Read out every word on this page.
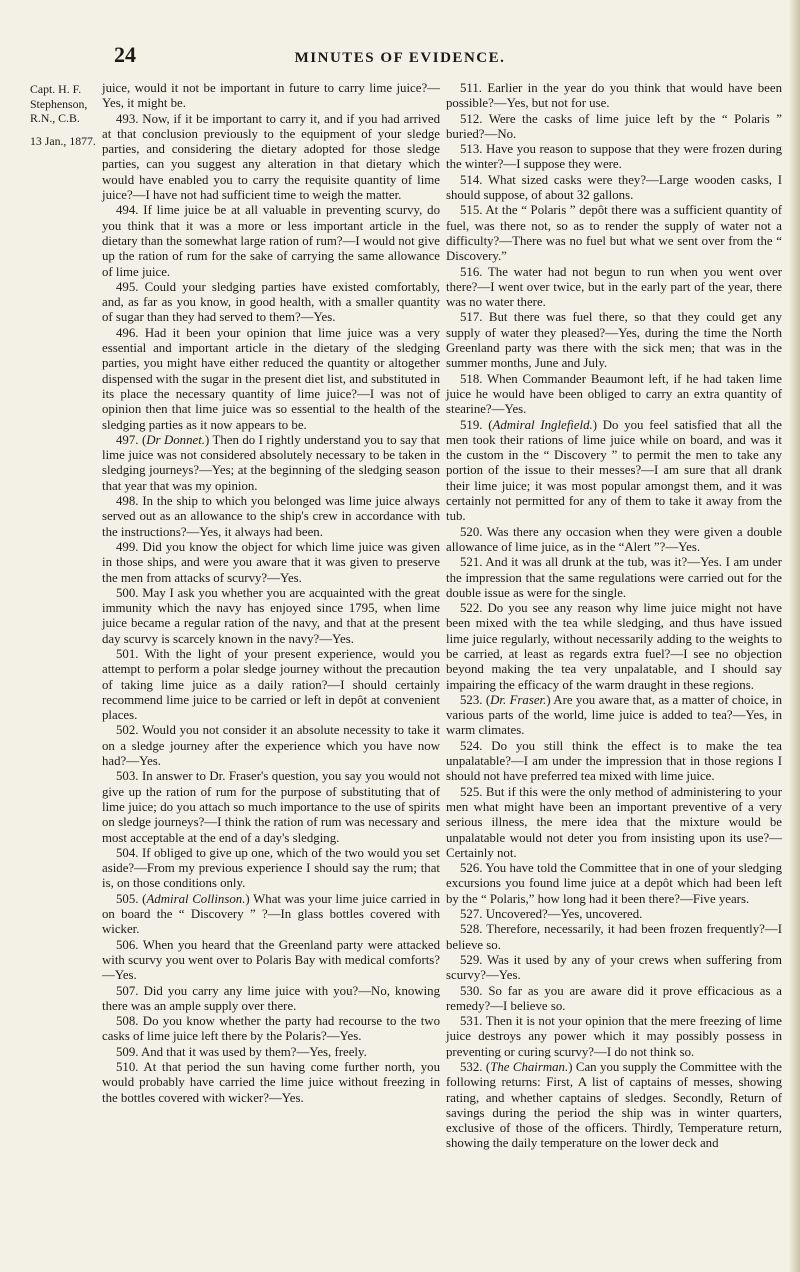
24	MINUTES OF EVIDENCE.
Capt. H. F.
Stephenson,
R.N., C.B.
13 Jan., 1877.

juice, would it not be important in future to carry lime juice?—Yes, it might be.

493. Now, if it be important to carry it, and if you had arrived at that conclusion previously to the equipment of your sledge parties, and considering the dietary adopted for those sledge parties, can you suggest any alteration in that dietary which would have enabled you to carry the requisite quantity of lime juice?—I have not had sufficient time to weigh the matter.

494. If lime juice be at all valuable in preventing scurvy, do you think that it was a more or less important article in the dietary than the somewhat large ration of rum?—I would not give up the ration of rum for the sake of carrying the same allowance of lime juice.

495. Could your sledging parties have existed comfortably, and, as far as you know, in good health, with a smaller quantity of sugar than they had served to them?—Yes.

496. Had it been your opinion that lime juice was a very essential and important article in the dietary of the sledging parties, you might have either reduced the quantity or altogether dispensed with the sugar in the present diet list, and substituted in its place the necessary quantity of lime juice?—I was not of opinion then that lime juice was so essential to the health of the sledging parties as it now appears to be.

497. (Dr Donnet.) Then do I rightly understand you to say that lime juice was not considered absolutely necessary to be taken in sledging journeys?—Yes; at the beginning of the sledging season that year that was my opinion.

498. In the ship to which you belonged was lime juice always served out as an allowance to the ship's crew in accordance with the instructions?—Yes, it always had been.

499. Did you know the object for which lime juice was given in those ships, and were you aware that it was given to preserve the men from attacks of scurvy?—Yes.

500. May I ask you whether you are acquainted with the great immunity which the navy has enjoyed since 1795, when lime juice became a regular ration of the navy, and that at the present day scurvy is scarcely known in the navy?—Yes.

501. With the light of your present experience, would you attempt to perform a polar sledge journey without the precaution of taking lime juice as a daily ration?—I should certainly recommend lime juice to be carried or left in depôt at convenient places.

502. Would you not consider it an absolute necessity to take it on a sledge journey after the experience which you have now had?—Yes.

503. In answer to Dr. Fraser's question, you say you would not give up the ration of rum for the purpose of substituting that of lime juice; do you attach so much importance to the use of spirits on sledge journeys?—I think the ration of rum was necessary and most acceptable at the end of a day's sledging.

504. If obliged to give up one, which of the two would you set aside?—From my previous experience I should say the rum; that is, on those conditions only.

505. (Admiral Collinson.) What was your lime juice carried in on board the “ Discovery ” ?—In glass bottles covered with wicker.

506. When you heard that the Greenland party were attacked with scurvy you went over to Polaris Bay with medical comforts?—Yes.

507. Did you carry any lime juice with you?—No, knowing there was an ample supply over there.

508. Do you know whether the party had recourse to the two casks of lime juice left there by the Polaris?—Yes.

509. And that it was used by them?—Yes, freely.

510. At that period the sun having come further north, you would probably have carried the lime juice without freezing in the bottles covered with wicker?—Yes.

511. Earlier in the year do you think that would have been possible?—Yes, but not for use.

512. Were the casks of lime juice left by the “ Polaris ” buried?—No.

513. Have you reason to suppose that they were frozen during the winter?—I suppose they were.

514. What sized casks were they?—Large wooden casks, I should suppose, of about 32 gallons.

515. At the “ Polaris ” depôt there was a sufficient quantity of fuel, was there not, so as to render the supply of water not a difficulty?—There was no fuel but what we sent over from the “ Discovery.”

516. The water had not begun to run when you went over there?—I went over twice, but in the early part of the year, there was no water there.

517. But there was fuel there, so that they could get any supply of water they pleased?—Yes, during the time the North Greenland party was there with the sick men; that was in the summer months, June and July.

518. When Commander Beaumont left, if he had taken lime juice he would have been obliged to carry an extra quantity of stearine?—Yes.

519. (Admiral Inglefield.) Do you feel satisfied that all the men took their rations of lime juice while on board, and was it the custom in the “ Discovery ” to permit the men to take any portion of the issue to their messes?—I am sure that all drank their lime juice; it was most popular amongst them, and it was certainly not permitted for any of them to take it away from the tub.

520. Was there any occasion when they were given a double allowance of lime juice, as in the “Alert ”?—Yes.

521. And it was all drunk at the tub, was it?—Yes. I am under the impression that the same regulations were carried out for the double issue as were for the single.

522. Do you see any reason why lime juice might not have been mixed with the tea while sledging, and thus have issued lime juice regularly, without necessarily adding to the weights to be carried, at least as regards extra fuel?—I see no objection beyond making the tea very unpalatable, and I should say impairing the efficacy of the warm draught in these regions.

523. (Dr. Fraser.) Are you aware that, as a matter of choice, in various parts of the world, lime juice is added to tea?—Yes, in warm climates.

524. Do you still think the effect is to make the tea unpalatable?—I am under the impression that in those regions I should not have preferred tea mixed with lime juice.

525. But if this were the only method of administering to your men what might have been an important preventive of a very serious illness, the mere idea that the mixture would be unpalatable would not deter you from insisting upon its use?—Certainly not.

526. You have told the Committee that in one of your sledging excursions you found lime juice at a depôt which had been left by the “ Polaris,” how long had it been there?—Five years.

527. Uncovered?—Yes, uncovered.

528. Therefore, necessarily, it had been frozen frequently?—I believe so.

529. Was it used by any of your crews when suffering from scurvy?—Yes.

530. So far as you are aware did it prove efficacious as a remedy?—I believe so.

531. Then it is not your opinion that the mere freezing of lime juice destroys any power which it may possibly possess in preventing or curing scurvy?—I do not think so.

532. (The Chairman.) Can you supply the Committee with the following returns: First, A list of captains of messes, showing rating, and whether captains of sledges. Secondly, Return of savings during the period the ship was in winter quarters, exclusive of those of the officers. Thirdly, Temperature return, showing the daily temperature on the lower deck and
